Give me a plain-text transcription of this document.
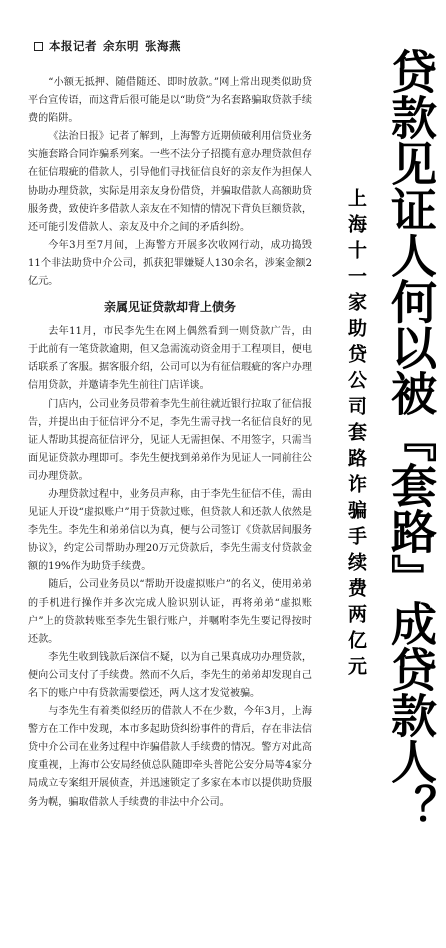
本报记者 余东明 张海燕

“小额无抵押、随借随还、即时放款。”网上常出现类似助贷平台宣传语，而这背后很可能是以“助贷”为名套路骗取贷款手续费的陷阱。

《法治日报》记者了解到，上海警方近期侦破利用信贷业务实施套路合同诈骗系列案。一些不法分子招揽有意办理贷款但存在征信瑕疵的借款人，引导他们寻找征信良好的亲友作为担保人协助办理贷款，实际是用亲友身份借贷，并骗取借款人高额助贷服务费，致使许多借款人亲友在不知情的情况下背负巨额贷款，还可能引发借款人、亲友及中介之间的矛盾纠纷。

今年3月至7月间，上海警方开展多次收网行动，成功捣毁11个非法助贷中介公司，抓获犯罪嫌疑人130余名，涉案金额2亿元。

亲属见证贷款却背上债务

去年11月，市民李先生在网上偶然看到一则贷款广告，由于此前有一笔贷款逾期，但又急需流动资金用于工程项目，便电话联系了客服。据客服介绍，公司可以为有征信瑕疵的客户办理信用贷款，并邀请李先生前往门店详谈。

门店内，公司业务员带着李先生前往就近银行拉取了征信报告，并提出由于征信评分不足，李先生需寻找一名征信良好的见证人帮助其提高征信评分，见证人无需担保、不用签字，只需当面见证贷款办理即可。李先生便找到弟弟作为见证人一同前往公司办理贷款。

办理贷款过程中，业务员声称，由于李先生征信不佳，需由见证人开设“虚拟账户”用于贷款过账，但贷款人和还款人依然是李先生。李先生和弟弟信以为真，便与公司签订《贷款居间服务协议》，约定公司帮助办理20万元贷款后，李先生需支付贷款金额的19%作为助贷手续费。

随后，公司业务员以“帮助开设虚拟账户”的名义，使用弟弟的手机进行操作并多次完成人脸识别认证，再将弟弟“虚拟账户”上的贷款转账至李先生银行账户，并嘱咐李先生要记得按时还款。

李先生收到钱款后深信不疑，以为自己果真成功办理贷款，便向公司支付了手续费。然而不久后，李先生的弟弟却发现自己名下的账户中有贷款需要偿还，两人这才发觉被骗。

与李先生有着类似经历的借款人不在少数，今年3月，上海警方在工作中发现，本市多起助贷纠纷事件的背后，存在非法信贷中介公司在业务过程中诈骗借款人手续费的情况。警方对此高度重视，上海市公安局经侦总队随即牵头普陀公安分局等4家分局成立专案组开展侦查，并迅速锁定了多家在本市以提供助贷服务为幌，骗取借款人手续费的非法中介公司。	贷款见证人何以被『套路』成贷款人？
上海十一家助贷公司套路诈骗手续费两亿元
